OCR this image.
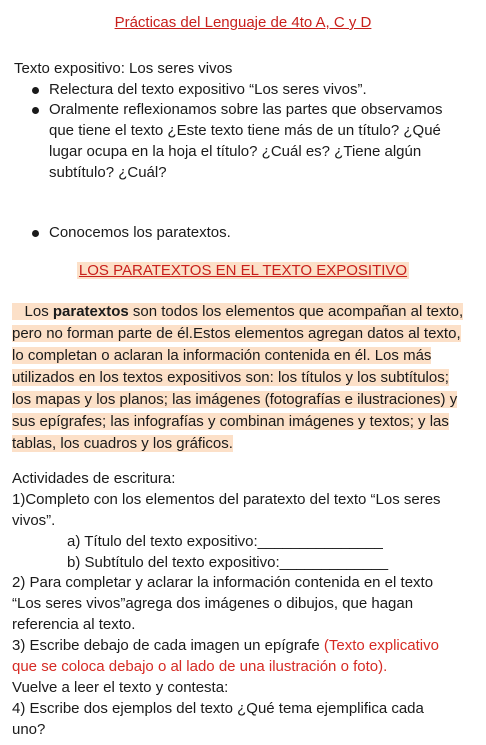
Prácticas del Lenguaje de 4to A, C y D
Texto expositivo: Los seres vivos
Relectura del texto expositivo “Los seres vivos”.
Oralmente reflexionamos sobre las partes que observamos
que tiene el texto ¿Este texto tiene más de un título? ¿Qué
lugar ocupa en la hoja el título? ¿Cuál es? ¿Tiene algún
subtítulo? ¿Cuál?
Conocemos los paratextos.
LOS PARATEXTOS EN EL TEXTO EXPOSITIVO
Los paratextos son todos los elementos que acompañan al texto,
pero no forman parte de él.Estos elementos agregan datos al texto,
lo completan o aclaran la información contenida en él. Los más
utilizados en los textos expositivos son: los títulos y los subtítulos;
los mapas y los planos; las imágenes (fotografías e ilustraciones) y
sus epígrafes; las infografías y combinan imágenes y textos; y las
tablas, los cuadros y los gráficos.
Actividades de escritura:
1)Completo con los elementos del paratexto del texto “Los seres
vivos”.
a) Título del texto expositivo:_______________
b) Subtítulo del texto expositivo:_____________
2) Para completar y aclarar la información contenida en el texto
“Los seres vivos”agrega dos imágenes o dibujos, que hagan
referencia al texto.
3) Escribe debajo de cada imagen un epígrafe (Texto explicativo
que se coloca debajo o al lado de una ilustración o foto).
Vuelve a leer el texto y contesta:
4) Escribe dos ejemplos del texto ¿Qué tema ejemplifica cada
uno?
